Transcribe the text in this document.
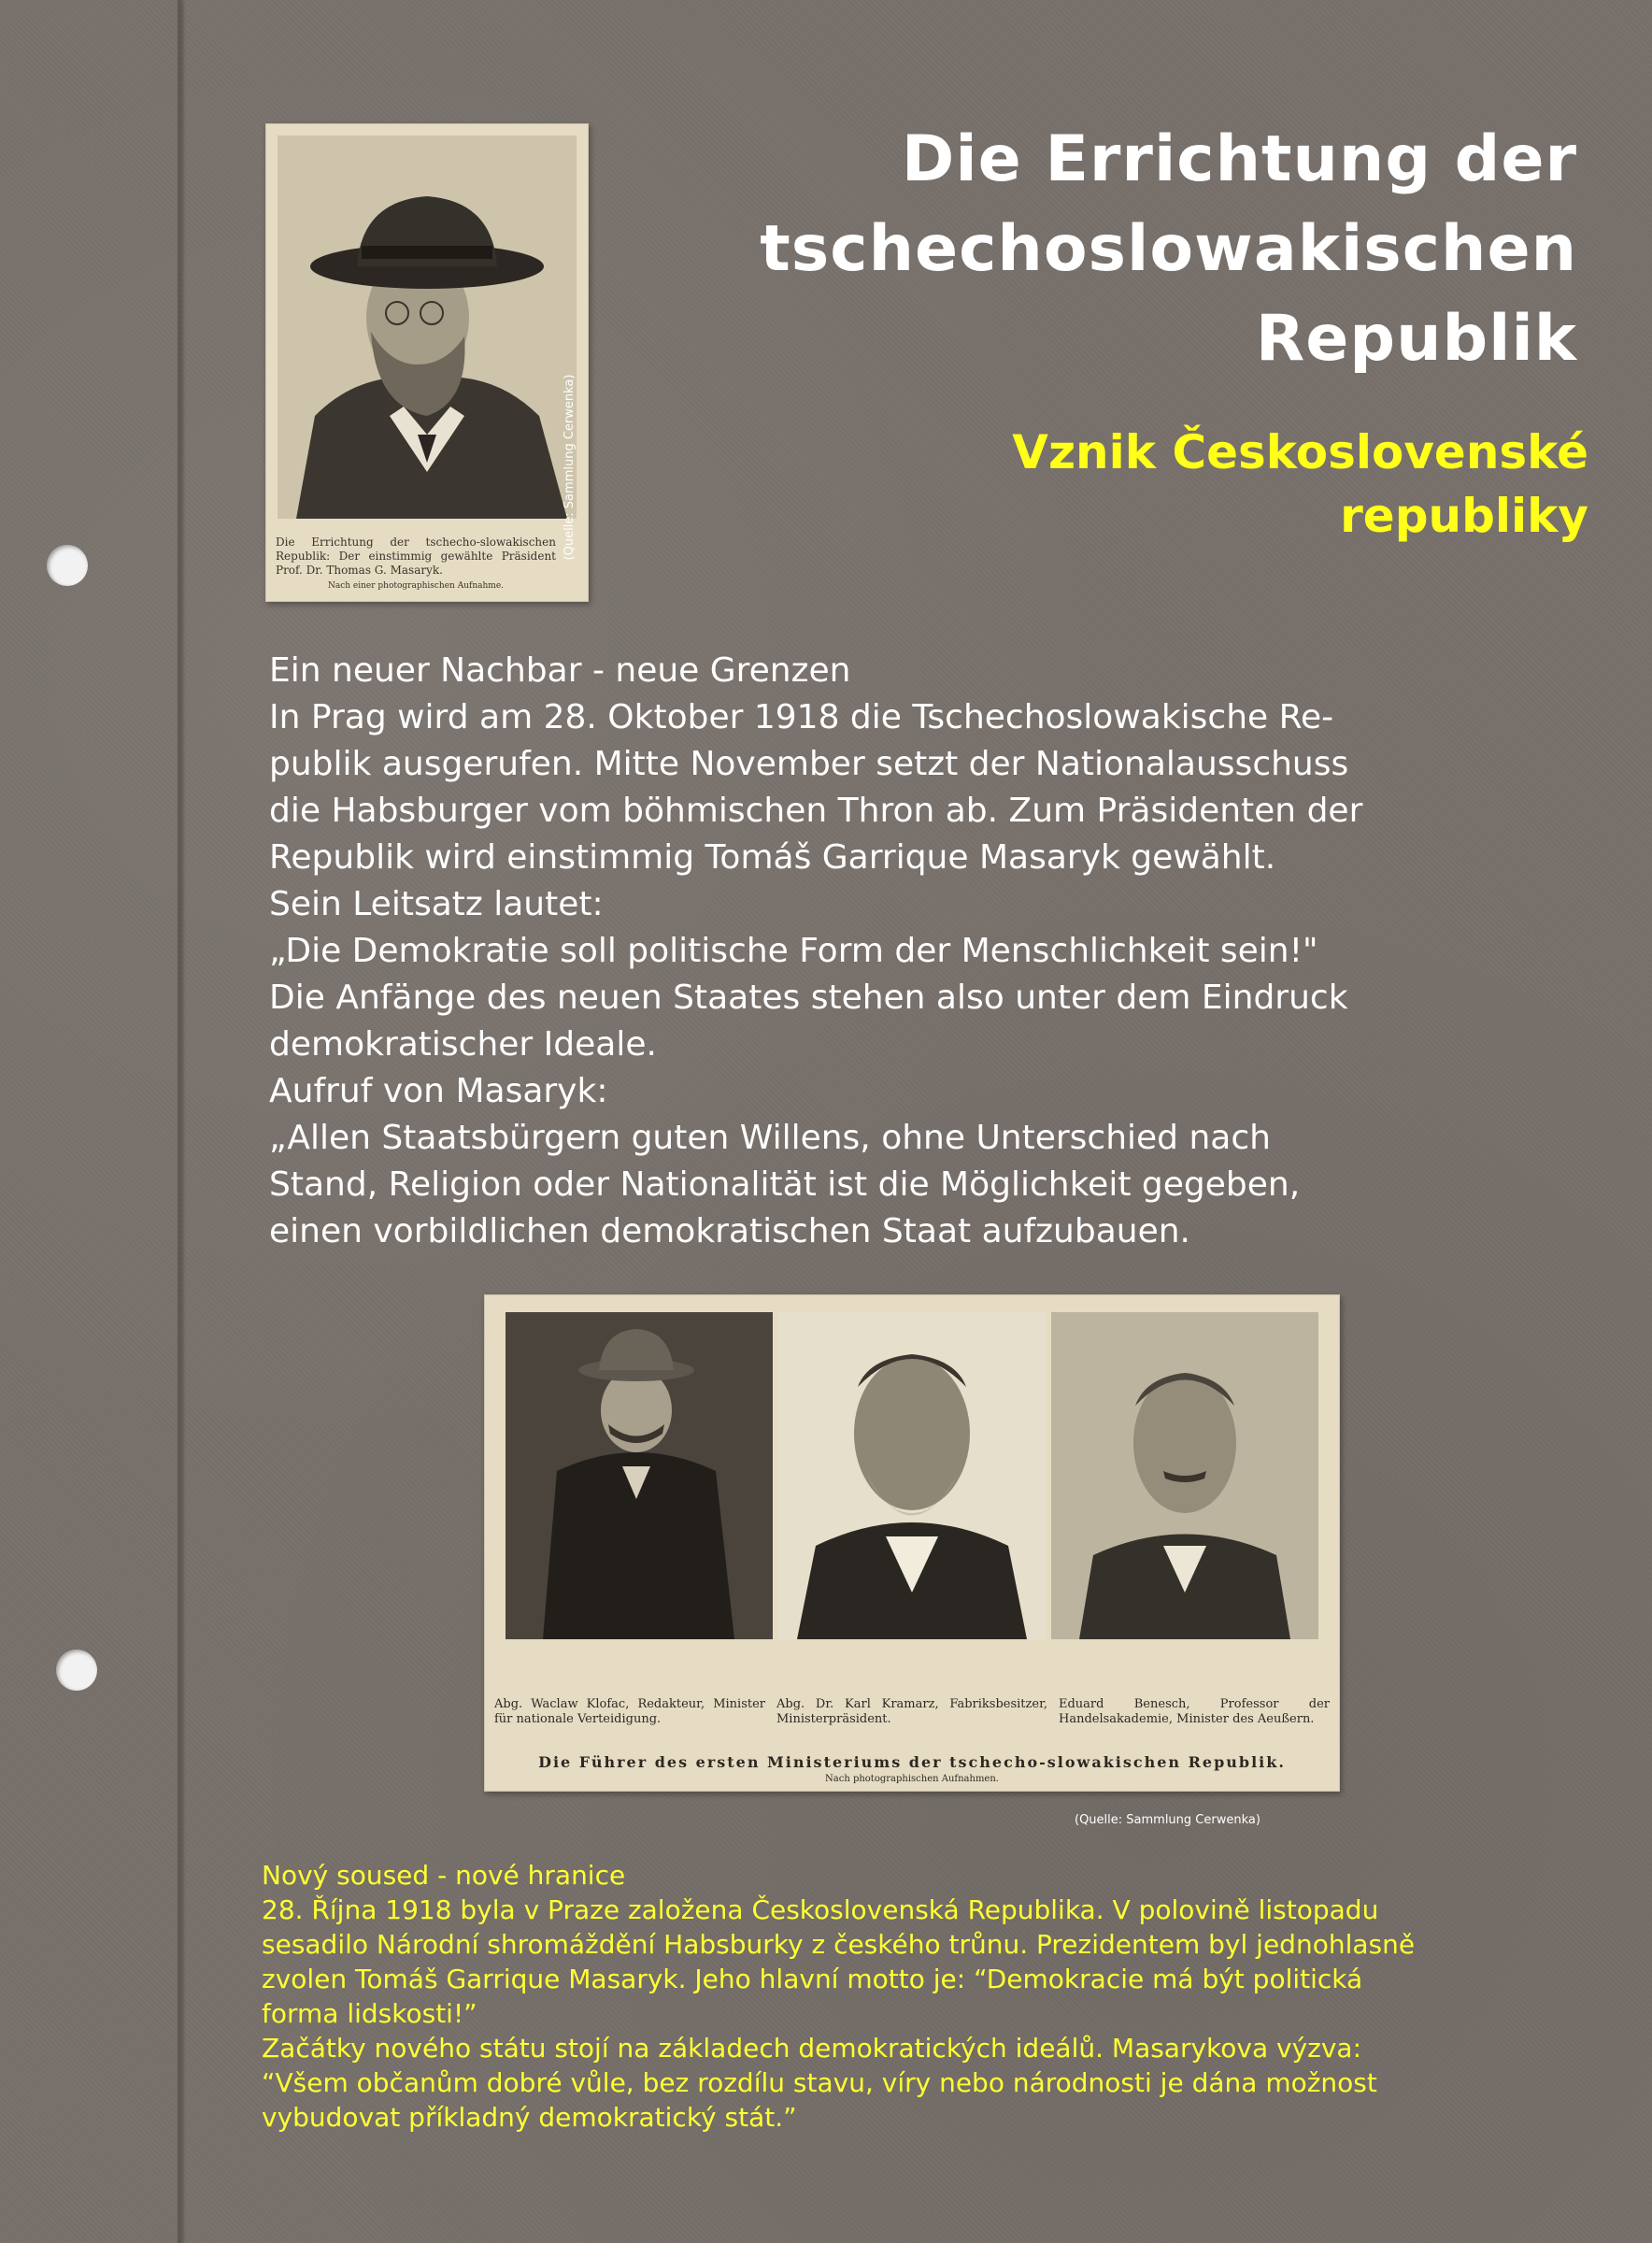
Die Errichtung der tschecho-slowakischen Republik: Der einstimmig gewählte Präsident Prof. Dr. Thomas G. Masaryk.
Nach einer photographischen Aufnahme.
(Quelle: Sammlung Cerwenka)
Die Errichtung der
tschechoslowakischen
Republik
Vznik Československé
republiky
Ein neuer Nachbar - neue Grenzen
In Prag wird am 28. Oktober 1918 die Tschechoslowakische Re-
publik ausgerufen. Mitte November setzt der Nationalausschuss
die Habsburger vom böhmischen Thron ab. Zum Präsidenten der
Republik wird einstimmig Tomáš Garrique Masaryk gewählt.
Sein Leitsatz lautet:
„Die Demokratie soll politische Form der Menschlichkeit sein!"
Die Anfänge des neuen Staates stehen also unter dem Eindruck
demokratischer Ideale.
Aufruf von Masaryk:
„Allen Staatsbürgern guten Willens, ohne Unterschied nach
Stand, Religion oder Nationalität ist die Möglichkeit gegeben,
einen vorbildlichen demokratischen Staat aufzubauen.
Abg. Waclaw Klofac, Redakteur, Minister für nationale Verteidigung.
Abg. Dr. Karl Kramarz, Fabriksbesitzer, Ministerpräsident.
Eduard Benesch, Professor der Handelsakademie, Minister des Aeußern.
Die Führer des ersten Ministeriums der tschecho-slowakischen Republik.
Nach photographischen Aufnahmen.
(Quelle: Sammlung Cerwenka)
Nový soused - nové hranice
28. Října 1918 byla v Praze založena Československá Republika. V polovině listopadu
sesadilo Národní shromáždění Habsburky z českého trůnu. Prezidentem byl jednohlasně
zvolen Tomáš Garrique Masaryk. Jeho hlavní motto je: “Demokracie má být politická
forma lidskosti!”
Začátky nového státu stojí na základech demokratických ideálů. Masarykova výzva:
“Všem občanům dobré vůle, bez rozdílu stavu, víry nebo národnosti je dána možnost
vybudovat příkladný demokratický stát.”
